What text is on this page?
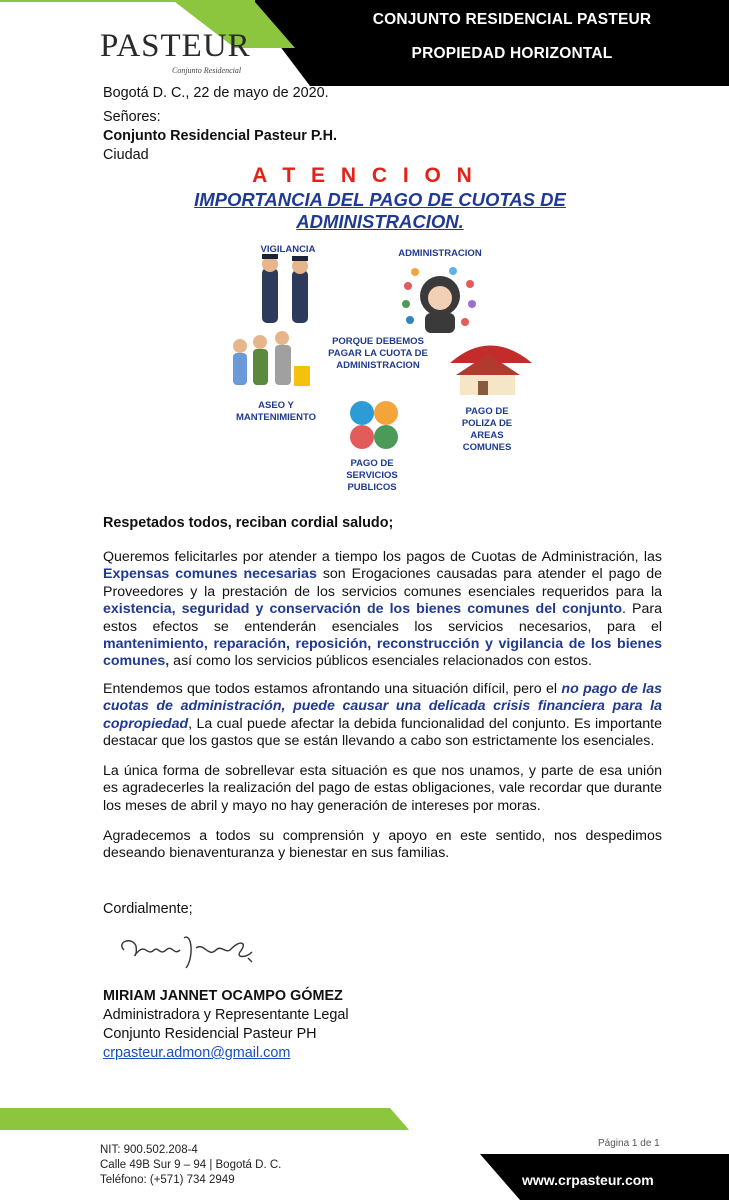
CONJUNTO RESIDENCIAL PASTEUR
PROPIEDAD HORIZONTAL
PASTEUR
Conjunto Residencial
Bogotá D. C., 22 de mayo de 2020.
Señores:
Conjunto Residencial Pasteur P.H.
Ciudad
A T E N C I O N
IMPORTANCIA DEL PAGO DE CUOTAS DE ADMINISTRACION.
VIGILANCIA	ADMINISTRACION
PORQUE DEBEMOS PAGAR LA CUOTA DE ADMINISTRACION
ASEO Y MANTENIMIENTO
PAGO DE POLIZA DE AREAS COMUNES
PAGO DE SERVICIOS PUBLICOS
Respetados todos, reciban cordial saludo;
Queremos felicitarles por atender a tiempo los pagos de Cuotas de Administración, las Expensas comunes necesarias son Erogaciones causadas para atender el pago de Proveedores y la prestación de los servicios comunes esenciales requeridos para la existencia, seguridad y conservación de los bienes comunes del conjunto. Para estos efectos se entenderán esenciales los servicios necesarios, para el mantenimiento, reparación, reposición, reconstrucción y vigilancia de los bienes comunes, así como los servicios públicos esenciales relacionados con estos.
Entendemos que todos estamos afrontando una situación difícil, pero el no pago de las cuotas de administración, puede causar una delicada crisis financiera para la copropiedad, La cual puede afectar la debida funcionalidad del conjunto. Es importante destacar que los gastos que se están llevando a cabo son estrictamente los esenciales.
La única forma de sobrellevar esta situación es que nos unamos, y parte de esa unión es agradecerles la realización del pago de estas obligaciones, vale recordar que durante los meses de abril y mayo no hay generación de intereses por moras.
Agradecemos a todos su comprensión y apoyo en este sentido, nos despedimos deseando bienaventuranza y bienestar en sus familias.
Cordialmente;
MIRIAM JANNET OCAMPO GÓMEZ
Administradora y Representante Legal
Conjunto Residencial Pasteur PH
crpasteur.admon@gmail.com
Página 1 de 1
NIT: 900.502.208-4
Calle 49B Sur 9 – 94 | Bogotá D. C.
Teléfono: (+571) 734 2949	www.crpasteur.com
